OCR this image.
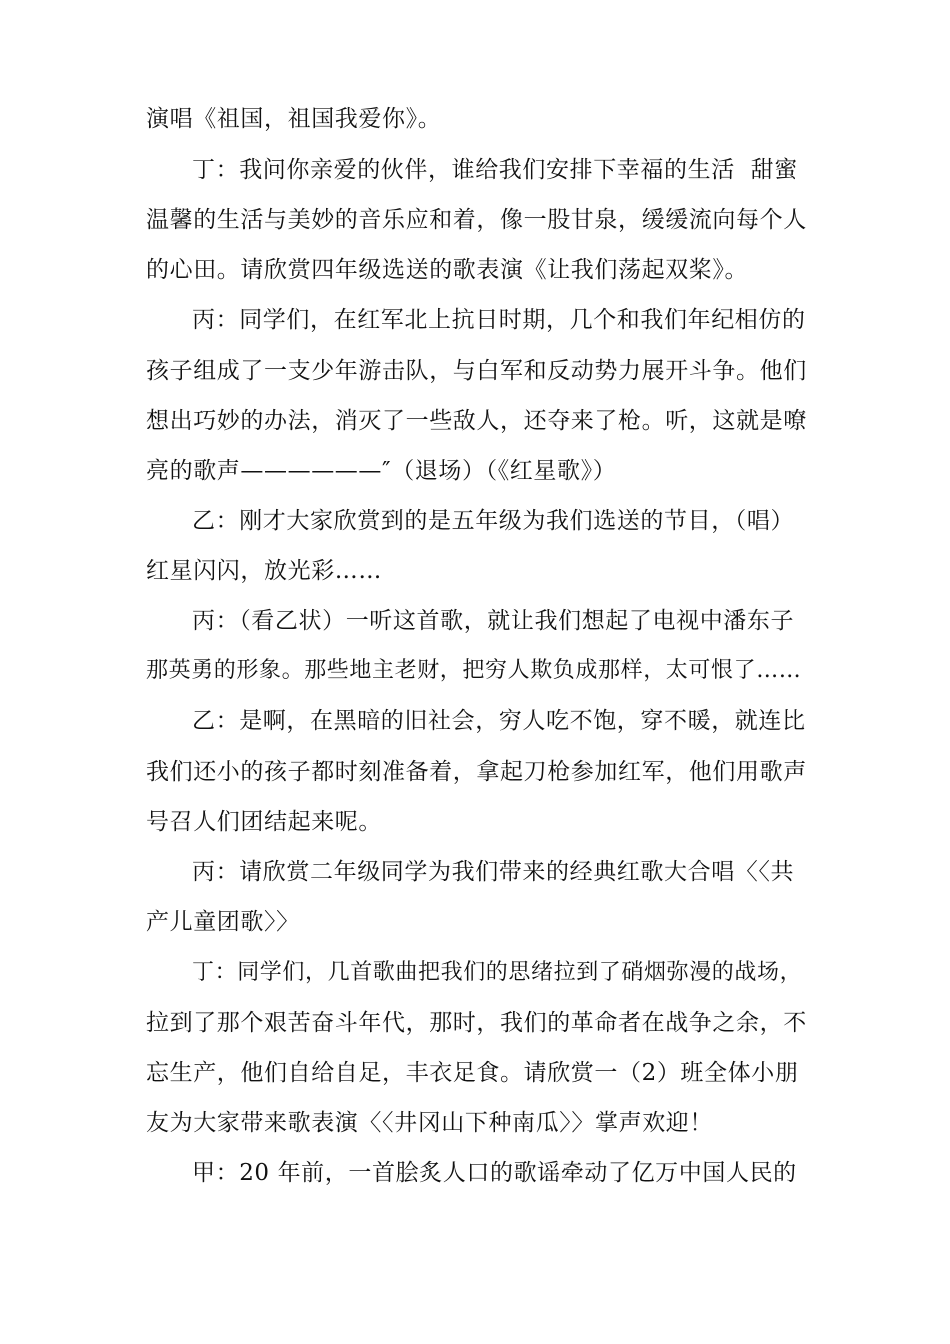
演唱《祖国，祖国我爱你》。
丁：我问你亲爱的伙伴，谁给我们安排下幸福的生活  甜蜜
温馨的生活与美妙的音乐应和着，像一股甘泉，缓缓流向每个人
的心田。请欣赏四年级选送的歌表演《让我们荡起双桨》。
丙：同学们，在红军北上抗日时期，几个和我们年纪相仿的
孩子组成了一支少年游击队，与白军和反动势力展开斗争。他们
想出巧妙的办法，消灭了一些敌人，还夺来了枪。听，这就是嘹
亮的歌声——————″（退场）（《红星歌》）
乙：刚才大家欣赏到的是五年级为我们选送的节目，（唱）
红星闪闪，放光彩……
丙：（看乙状）一听这首歌，就让我们想起了电视中潘东子
那英勇的形象。那些地主老财，把穷人欺负成那样，太可恨了……
乙：是啊，在黑暗的旧社会，穷人吃不饱，穿不暖，就连比
我们还小的孩子都时刻准备着，拿起刀枪参加红军，他们用歌声
号召人们团结起来呢。
丙：请欣赏二年级同学为我们带来的经典红歌大合唱〈〈共
产儿童团歌〉〉
丁：同学们，几首歌曲把我们的思绪拉到了硝烟弥漫的战场，
拉到了那个艰苦奋斗年代，那时，我们的革命者在战争之余，不
忘生产，他们自给自足，丰衣足食。请欣赏一（2）班全体小朋
友为大家带来歌表演〈〈井冈山下种南瓜〉〉掌声欢迎！
甲：20 年前，一首脍炙人口的歌谣牵动了亿万中国人民的
